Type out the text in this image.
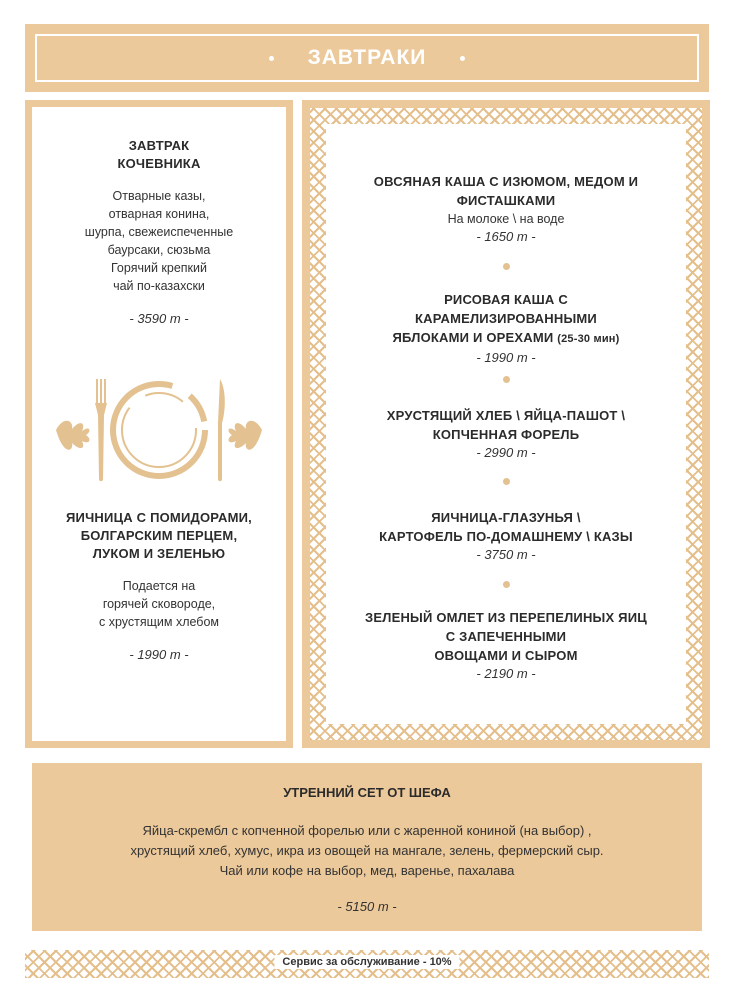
ЗАВТРАКИ

ЗАВТРАК
КОЧЕВНИКА

Отварные казы,
отварная конина,
шурпа, свежеиспеченные
баурсаки, сюзьма
Горячий крепкий
чай по-казахски

- 3590 т -

ЯИЧНИЦА С ПОМИДОРАМИ,
БОЛГАРСКИМ ПЕРЦЕМ,
ЛУКОМ И ЗЕЛЕНЬЮ

Подается на
горячей сковороде,
с хрустящим хлебом

- 1990 т -
ОВСЯНАЯ КАША С ИЗЮМОМ, МЕДОМ И
ФИСТАШКАМИ
На молоке \ на воде
- 1650 т -
РИСОВАЯ КАША С
КАРАМЕЛИЗИРОВАННЫМИ
ЯБЛОКАМИ И ОРЕХАМИ (25-30 мин)
- 1990 т -
ХРУСТЯЩИЙ ХЛЕБ \ ЯЙЦА-ПАШОТ \
КОПЧЕННАЯ ФОРЕЛЬ
- 2990 т -
ЯИЧНИЦА-ГЛАЗУНЬЯ \
КАРТОФЕЛЬ ПО-ДОМАШНЕМУ \ КАЗЫ
- 3750 т -
ЗЕЛЕНЫЙ ОМЛЕТ ИЗ ПЕРЕПЕЛИНЫХ ЯИЦ
С ЗАПЕЧЕННЫМИ
ОВОЩАМИ И СЫРОМ
- 2190 т -
УТРЕННИЙ СЕТ ОТ ШЕФА
Яйца-скрембл с копченной форелью или с жаренной кониной (на выбор) ,
хрустящий хлеб, хумус, икра из овощей на мангале, зелень, фермерский сыр.
Чай или кофе на выбор, мед, варенье, пахалава
- 5150 т -
Сервис за обслуживание - 10%
